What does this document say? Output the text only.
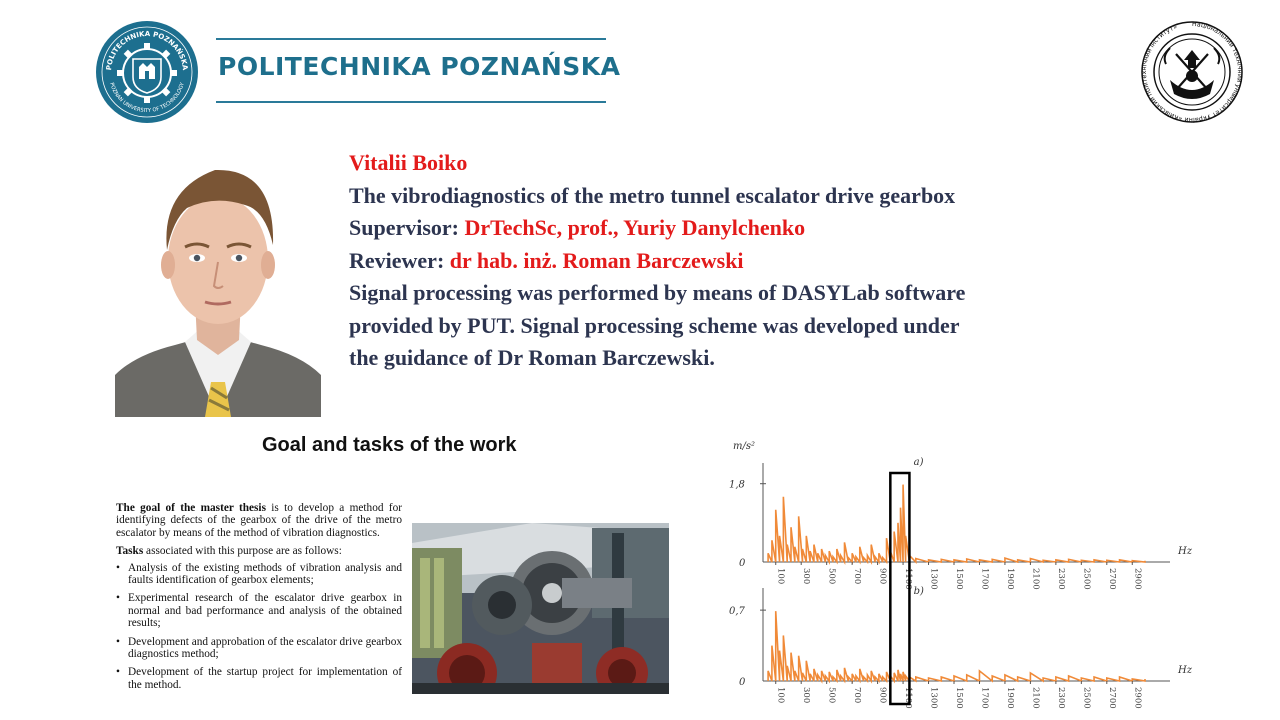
POLITECHNIKA POZNAŃSKA
POZNAN UNIVERSITY OF TECHNOLOGY
POLITECHNIKA POZNAŃSKA
Національний технічний університет України «Київський політехнічний інститут»
Vitalii Boiko
The vibrodiagnostics of the metro tunnel escalator drive gearbox
Supervisor: DrTechSc, prof., Yuriy Danylchenko
Reviewer: dr hab. inż. Roman Barczewski
Signal processing was performed by means of DASYLab software
provided by PUT. Signal processing scheme was developed under
the guidance of Dr Roman Barczewski.
Goal and tasks of the work

The goal of the master thesis is to develop a method for identifying defects of the gearbox of the drive of the metro escalator by means of the method of vibration diagnostics.

Tasks associated with this purpose are as follows:

• Analysis of the existing methods of vibration analysis and faults identification of gearbox elements;
• Experimental research of the escalator drive gearbox in normal and bad performance and analysis of the obtained results;
• Development and approbation of the escalator drive gearbox diagnostics method;
• Development of the startup project for implementation of the method.
1,8
0
a)
100 300 500 700 900 1100 1300 1500 1700 1900 2100 2300 2500 2700 2900
Hz
0,7
0
b)
100 300 500 700 900 1100 1300 1500 1700 1900 2100 2300 2500 2700 2900
Hz
m/s²
